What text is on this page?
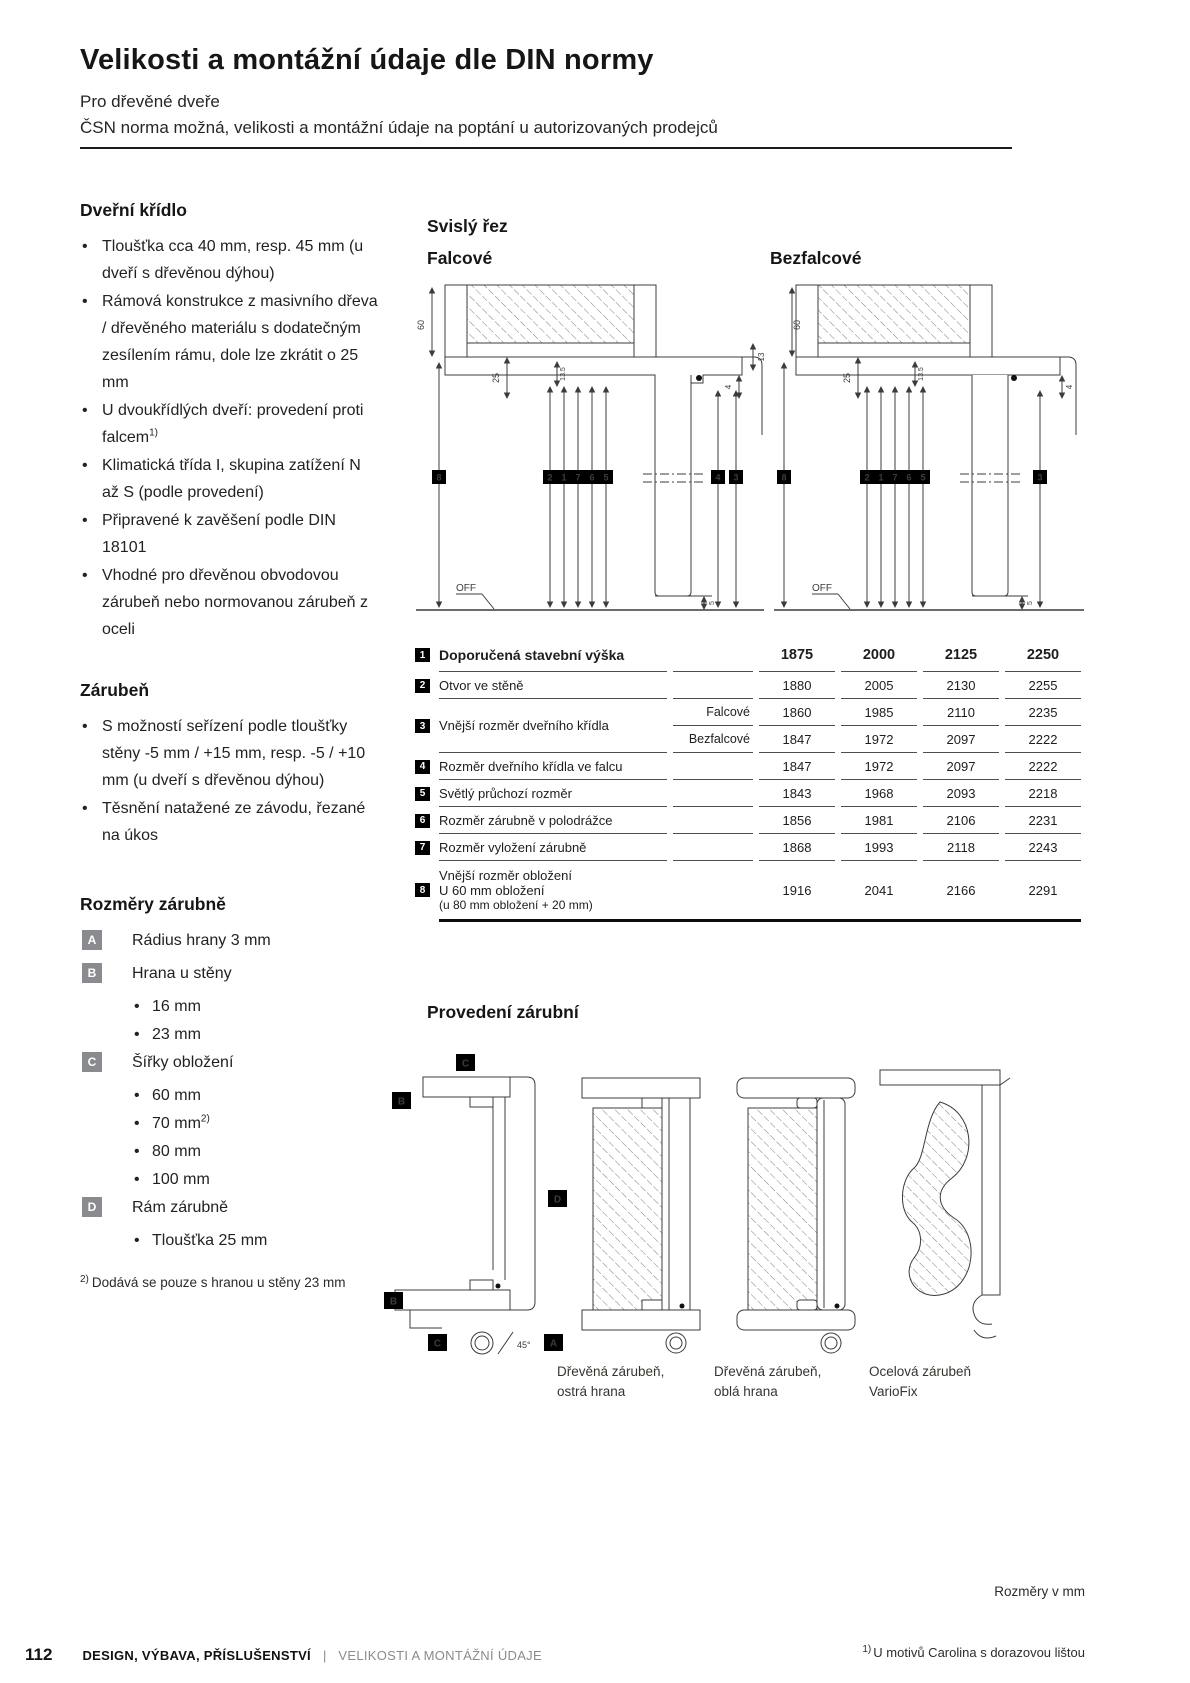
Velikosti a montážní údaje dle DIN normy
Pro dřevěné dveře
ČSN norma možná, velikosti a montážní údaje na poptání u autorizovaných prodejců
Dveřní křídlo
• Tloušťka cca 40 mm, resp. 45 mm (u dveří s dřevěnou dýhou)
• Rámová konstrukce z masivního dřeva / dřevěného materiálu s dodatečným zesílením rámu, dole lze zkrátit o 25 mm
• U dvoukřídlých dveří: provedení proti falcem$^{1)}$
• Klimatická třída I, skupina zatížení N až S (podle provedení)
• Připravené k zavěšení podle DIN 18101
• Vhodné pro dřevěnou obvodovou zárubeň nebo normovanou zárubeň z oceli
Zárubeň
• S možností seřízení podle tloušťky stěny -5 mm / +15 mm, resp. -5 / +10 mm (u dveří s dřevěnou dýhou)
• Těsnění natažené ze závodu, řezané na úkos
Rozměry zárubně
A	Rádius hrany 3 mm
B	Hrana u stěny
• 16 mm
• 23 mm
C	Šířky obložení
• 60 mm
• 70 $mm^{2)}$
• 80 mm
• 100 mm
D	Rám zárubně
• Tloušťka 25 mm
$^{2)}$ Dodává se pouze s hranou u stěny 23 mm
Svislý řez
Falcové	Bezfalcové
60
25	13.5
13
4
5
OFF
8	2 1 7 6 5	4 3
60
25	13.5
4
5
OFF
8	2 1 7 6 5	3
1 Doporučená stavební výška	1875	2000	2125	2250
2	Otvor ve stěně	1880	2005	2130	2255
3	Vnější rozměr dveřního křídla
Falcové	1860	1985	2110	2235
Bezfalcové	1847	1972	2097	2222
4	Rozměr dveřního křídla ve falcu	1847	1972	2097	2222
5	Světlý průchozí rozměr	1843	1968	2093	2218
6	Rozměr zárubně v polodrážce	1856	1981	2106	2231
7	Rozměr vyložení zárubně	1868	1993	2118	2243
8
Vnější rozměr obložení
U 60 mm obložení
(u 80 mm obložení + 20 mm)
1916	2041	2166	2291
Provedení zárubní
C
B
D
B
C	A
45°
Dřevěná zárubeň,
ostrá hrana
Dřevěná zárubeň,
oblá hrana
Ocelová zárubeň
VarioFix
Rozměry v mm
112 DESIGN, VÝBAVA, PŘÍSLUŠENSTVÍ | VELIKOSTI A MONTÁŽNÍ ÚDAJE	$^{1)}$ U motivů Carolina s dorazovou lištou
